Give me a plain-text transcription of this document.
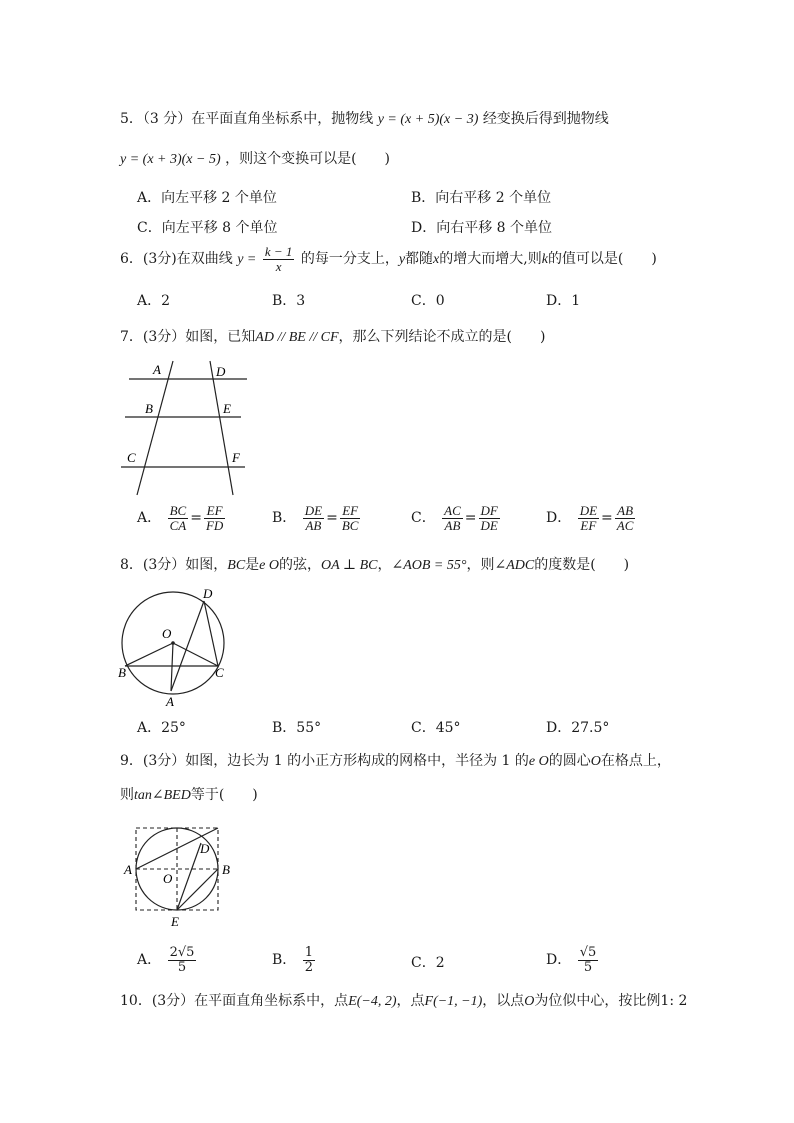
5．（3 分）在平面直角坐标系中，抛物线 y = (x + 5)(x − 3) 经变换后得到抛物线
y = (x + 3)(x − 5) ，则这个变换可以是(　　)
A．向左平移 2 个单位	B．向右平移 2 个单位
C．向左平移 8 个单位	D．向右平移 8 个单位
6．(3分)在双曲线 $y = \frac{k - 1}{x}$ 的每一分支上，y都随x的增大而增大,则k的值可以是(　　)
A．2	B．3	C．0	D．1
7．(3分）如图，已知AD // BE // CF，那么下列结论不成立的是(　　)
A	D
B	E
C	F
A． $\frac{BC}{CA} = \frac{EF}{FD}$	B． $\frac{DE}{AB} = \frac{EF}{BC}$	C． $\frac{AC}{AB} = \frac{DF}{DE}$	D． $\frac{DE}{EF} = \frac{AB}{AC}$
8．(3分）如图，BC是e O的弦，OA ⊥ BC，∠AOB = 55°，则∠ADC的度数是(　　)
O
D
B	C
A
A．25°	B．55°	C．45°	D．27.5°
9．(3分）如图，边长为 1 的小正方形构成的网格中，半径为 1 的e O的圆心O在格点上，
则tan∠BED等于(　　)
D
A	B
O
E
A． $\frac{2√5}{5}$	B． $\frac{1}{2}$	C．2	D． $\frac{√5}{5}$
10．(3分）在平面直角坐标系中，点E(−4, 2)，点F(−1, −1)，以点O为位似中心，按比例1: 2
